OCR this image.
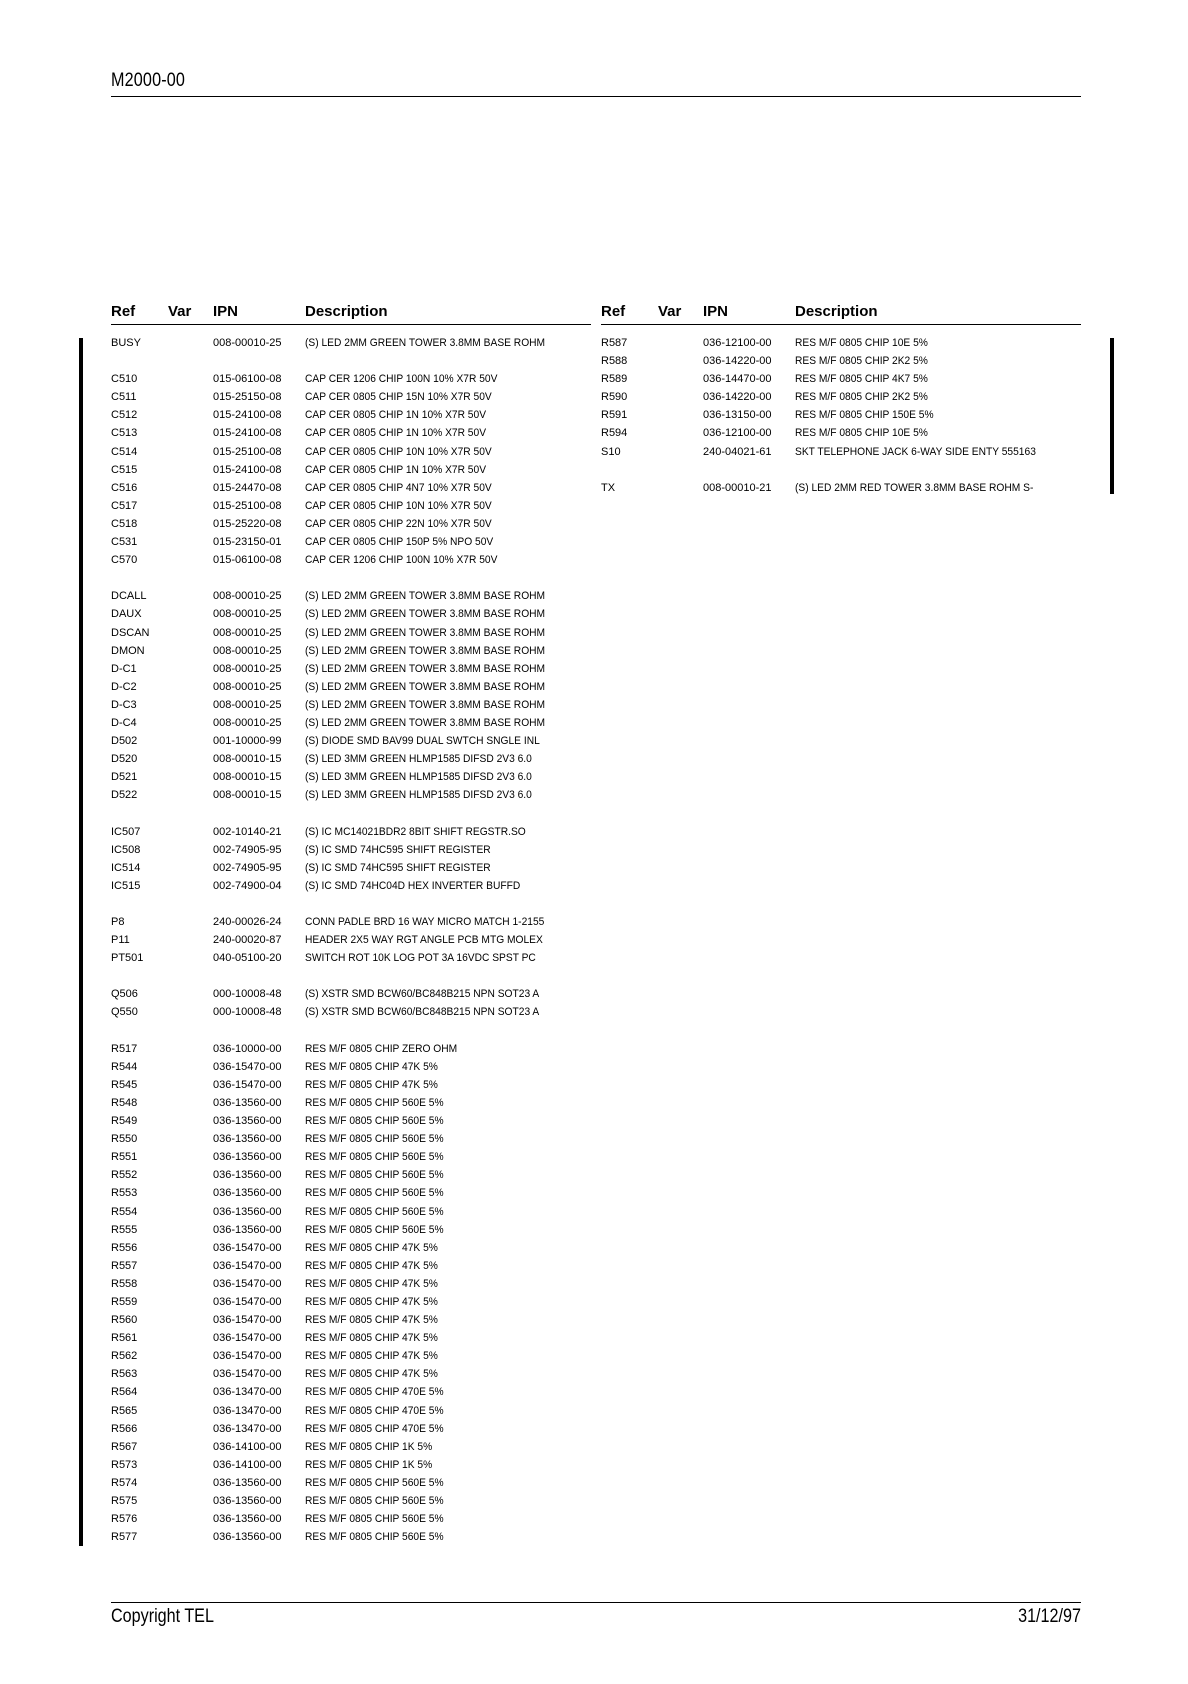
M2000-00
Ref Var IPN	Description
BUSY	008-00010-25 (S) LED 2MM GREEN TOWER 3.8MM BASE ROHM
C510	015-06100-08 CAP CER 1206 CHIP 100N 10% X7R 50V
C511	015-25150-08 CAP CER 0805 CHIP 15N 10% X7R 50V
C512	015-24100-08 CAP CER 0805 CHIP 1N 10% X7R 50V
C513	015-24100-08 CAP CER 0805 CHIP 1N 10% X7R 50V
C514	015-25100-08 CAP CER 0805 CHIP 10N 10% X7R 50V
C515	015-24100-08 CAP CER 0805 CHIP 1N 10% X7R 50V
C516	015-24470-08 CAP CER 0805 CHIP 4N7 10% X7R 50V
C517	015-25100-08 CAP CER 0805 CHIP 10N 10% X7R 50V
C518	015-25220-08 CAP CER 0805 CHIP 22N 10% X7R 50V
C531	015-23150-01 CAP CER 0805 CHIP 150P 5% NPO 50V
C570	015-06100-08 CAP CER 1206 CHIP 100N 10% X7R 50V
DCALL	008-00010-25 (S) LED 2MM GREEN TOWER 3.8MM BASE ROHM
DAUX	008-00010-25 (S) LED 2MM GREEN TOWER 3.8MM BASE ROHM
DSCAN	008-00010-25 (S) LED 2MM GREEN TOWER 3.8MM BASE ROHM
DMON	008-00010-25 (S) LED 2MM GREEN TOWER 3.8MM BASE ROHM
D-C1	008-00010-25 (S) LED 2MM GREEN TOWER 3.8MM BASE ROHM
D-C2	008-00010-25 (S) LED 2MM GREEN TOWER 3.8MM BASE ROHM
D-C3	008-00010-25 (S) LED 2MM GREEN TOWER 3.8MM BASE ROHM
D-C4	008-00010-25 (S) LED 2MM GREEN TOWER 3.8MM BASE ROHM
D502	001-10000-99 (S) DIODE SMD BAV99 DUAL SWTCH SNGLE INL
D520	008-00010-15 (S) LED 3MM GREEN HLMP1585 DIFSD 2V3 6.0
D521	008-00010-15 (S) LED 3MM GREEN HLMP1585 DIFSD 2V3 6.0
D522	008-00010-15 (S) LED 3MM GREEN HLMP1585 DIFSD 2V3 6.0
IC507	002-10140-21 (S) IC MC14021BDR2 8BIT SHIFT REGSTR.SO
IC508	002-74905-95 (S) IC SMD 74HC595 SHIFT REGISTER
IC514	002-74905-95 (S) IC SMD 74HC595 SHIFT REGISTER
IC515	002-74900-04 (S) IC SMD 74HC04D HEX INVERTER BUFFD
P8	240-00026-24 CONN PADLE BRD 16 WAY MICRO MATCH 1-2155
P11	240-00020-87 HEADER 2X5 WAY RGT ANGLE PCB MTG MOLEX
PT501	040-05100-20 SWITCH ROT 10K LOG POT 3A 16VDC SPST PC
Q506	000-10008-48 (S) XSTR SMD BCW60/BC848B215 NPN SOT23 A
Q550	000-10008-48 (S) XSTR SMD BCW60/BC848B215 NPN SOT23 A
R517	036-10000-00 RES M/F 0805 CHIP ZERO OHM
R544	036-15470-00 RES M/F 0805 CHIP 47K 5%
R545	036-15470-00 RES M/F 0805 CHIP 47K 5%
R548	036-13560-00 RES M/F 0805 CHIP 560E 5%
R549	036-13560-00 RES M/F 0805 CHIP 560E 5%
R550	036-13560-00 RES M/F 0805 CHIP 560E 5%
R551	036-13560-00 RES M/F 0805 CHIP 560E 5%
R552	036-13560-00 RES M/F 0805 CHIP 560E 5%
R553	036-13560-00 RES M/F 0805 CHIP 560E 5%
R554	036-13560-00 RES M/F 0805 CHIP 560E 5%
R555	036-13560-00 RES M/F 0805 CHIP 560E 5%
R556	036-15470-00 RES M/F 0805 CHIP 47K 5%
R557	036-15470-00 RES M/F 0805 CHIP 47K 5%
R558	036-15470-00 RES M/F 0805 CHIP 47K 5%
R559	036-15470-00 RES M/F 0805 CHIP 47K 5%
R560	036-15470-00 RES M/F 0805 CHIP 47K 5%
R561	036-15470-00 RES M/F 0805 CHIP 47K 5%
R562	036-15470-00 RES M/F 0805 CHIP 47K 5%
R563	036-15470-00 RES M/F 0805 CHIP 47K 5%
R564	036-13470-00 RES M/F 0805 CHIP 470E 5%
R565	036-13470-00 RES M/F 0805 CHIP 470E 5%
R566	036-13470-00 RES M/F 0805 CHIP 470E 5%
R567	036-14100-00 RES M/F 0805 CHIP 1K 5%
R573	036-14100-00 RES M/F 0805 CHIP 1K 5%
R574	036-13560-00 RES M/F 0805 CHIP 560E 5%
R575	036-13560-00 RES M/F 0805 CHIP 560E 5%
R576	036-13560-00 RES M/F 0805 CHIP 560E 5%
R577	036-13560-00 RES M/F 0805 CHIP 560E 5%
Ref Var IPN	Description
R587	036-12100-00 RES M/F 0805 CHIP 10E 5%
R588	036-14220-00 RES M/F 0805 CHIP 2K2 5%
R589	036-14470-00 RES M/F 0805 CHIP 4K7 5%
R590	036-14220-00 RES M/F 0805 CHIP 2K2 5%
R591	036-13150-00 RES M/F 0805 CHIP 150E 5%
R594	036-12100-00 RES M/F 0805 CHIP 10E 5%
S10	240-04021-61 SKT TELEPHONE JACK 6-WAY SIDE ENTY 555163
TX	008-00010-21 (S) LED 2MM RED TOWER 3.8MM BASE ROHM S-
Copyright TEL	31/12/97
